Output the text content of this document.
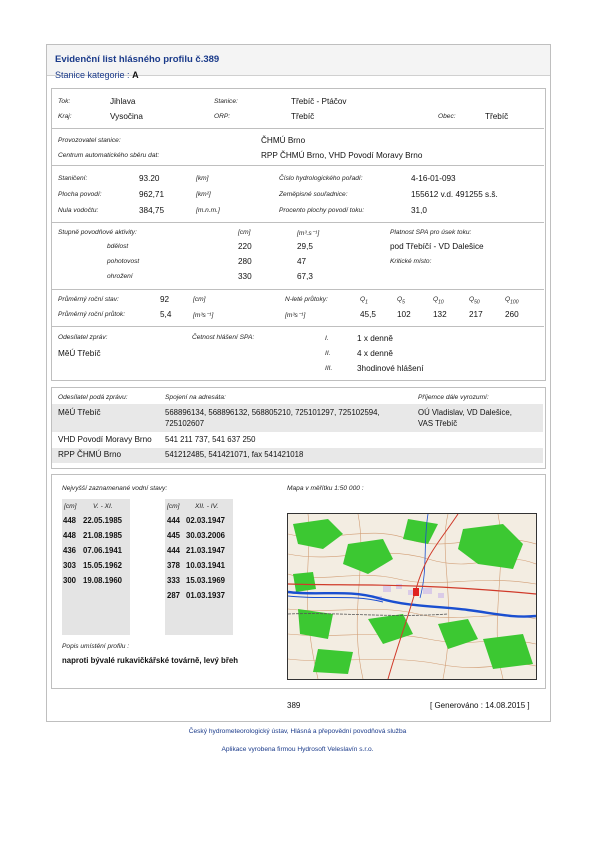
Evidenční list hlásného profilu č.389
Stanice kategorie : A
Tok:	Jihlava	Stanice:	Třebíč - Ptáčov
Kraj:	Vysočina	ORP:	Třebíč	Obec:	Třebíč
Provozovatel stanice:	ČHMÚ Brno
Centrum automatického sběru dat:	RPP ČHMÚ Brno, VHD Povodí Moravy Brno
Staničení:	93.20	[km]
Plocha povodí:	962,71	[km²]
Nula vodočtu:	384,75	[m.n.m.]
Číslo hydrologického pořadí:	4-16-01-093
Zeměpisné souřadnice:	155612 v.d. 491255 s.š.
Procento plochy povodí toku:	31,0
Stupně povodňové aktivity:	[cm]	[m³.s⁻¹]
bdělost	220	29,5
pohotovost	280	47
ohrožení	330	67,3
Platnost SPA pro úsek toku:
pod Třebíčí - VD Dalešice
Kritické místo:
Průměrný roční stav:	92	[cm]
Průměrný roční průtok:	5,4	[m³s⁻¹]
N-leté průtoky:
[m³s⁻¹]
$Q_1$	$Q_5$	$Q_{10}$	$Q_{50}$	$Q_{100}$
45,5	102	132	217	260
Odesílatel zpráv:
MěÚ Třebíč
Četnost hlášení SPA:	I.	1 x denně
II.	4 x denně
III.	3hodinové hlášení
Odesílatel podá zprávu:	Spojení na adresáta:	Příjemce dále vyrozumí:
MěÚ Třebíč	568896134, 568896132, 568805210, 725101297, 725102594,
725102607
OÚ Vladislav, VD Dalešice,
VAS Třebíč
VHD Povodí Moravy Brno 541 211 737, 541 637 250
RPP ČHMÚ Brno	541212485, 541421071, fax 541421018
Nejvyšší zaznamenané vodní stavy:	Mapa v měřítku 1:50 000 :
[cm]	V. - XI.	[cm] XII. - IV.
448 22.05.1985
448 21.08.1985
436 07.06.1941
303 15.05.1962
300 19.08.1960
444 02.03.1947
445 30.03.2006
444 21.03.1947
378 10.03.1941
333 15.03.1969
287 01.03.1937
Popis umístění profilu :
naproti bývalé rukavičkářské továrně, levý břeh
389	[ Generováno : 14.08.2015 ]
Český hydrometeorologický ústav, Hlásná a přepovědní povodňová služba
Aplikace vyrobena firmou Hydrosoft Veleslavín s.r.o.
